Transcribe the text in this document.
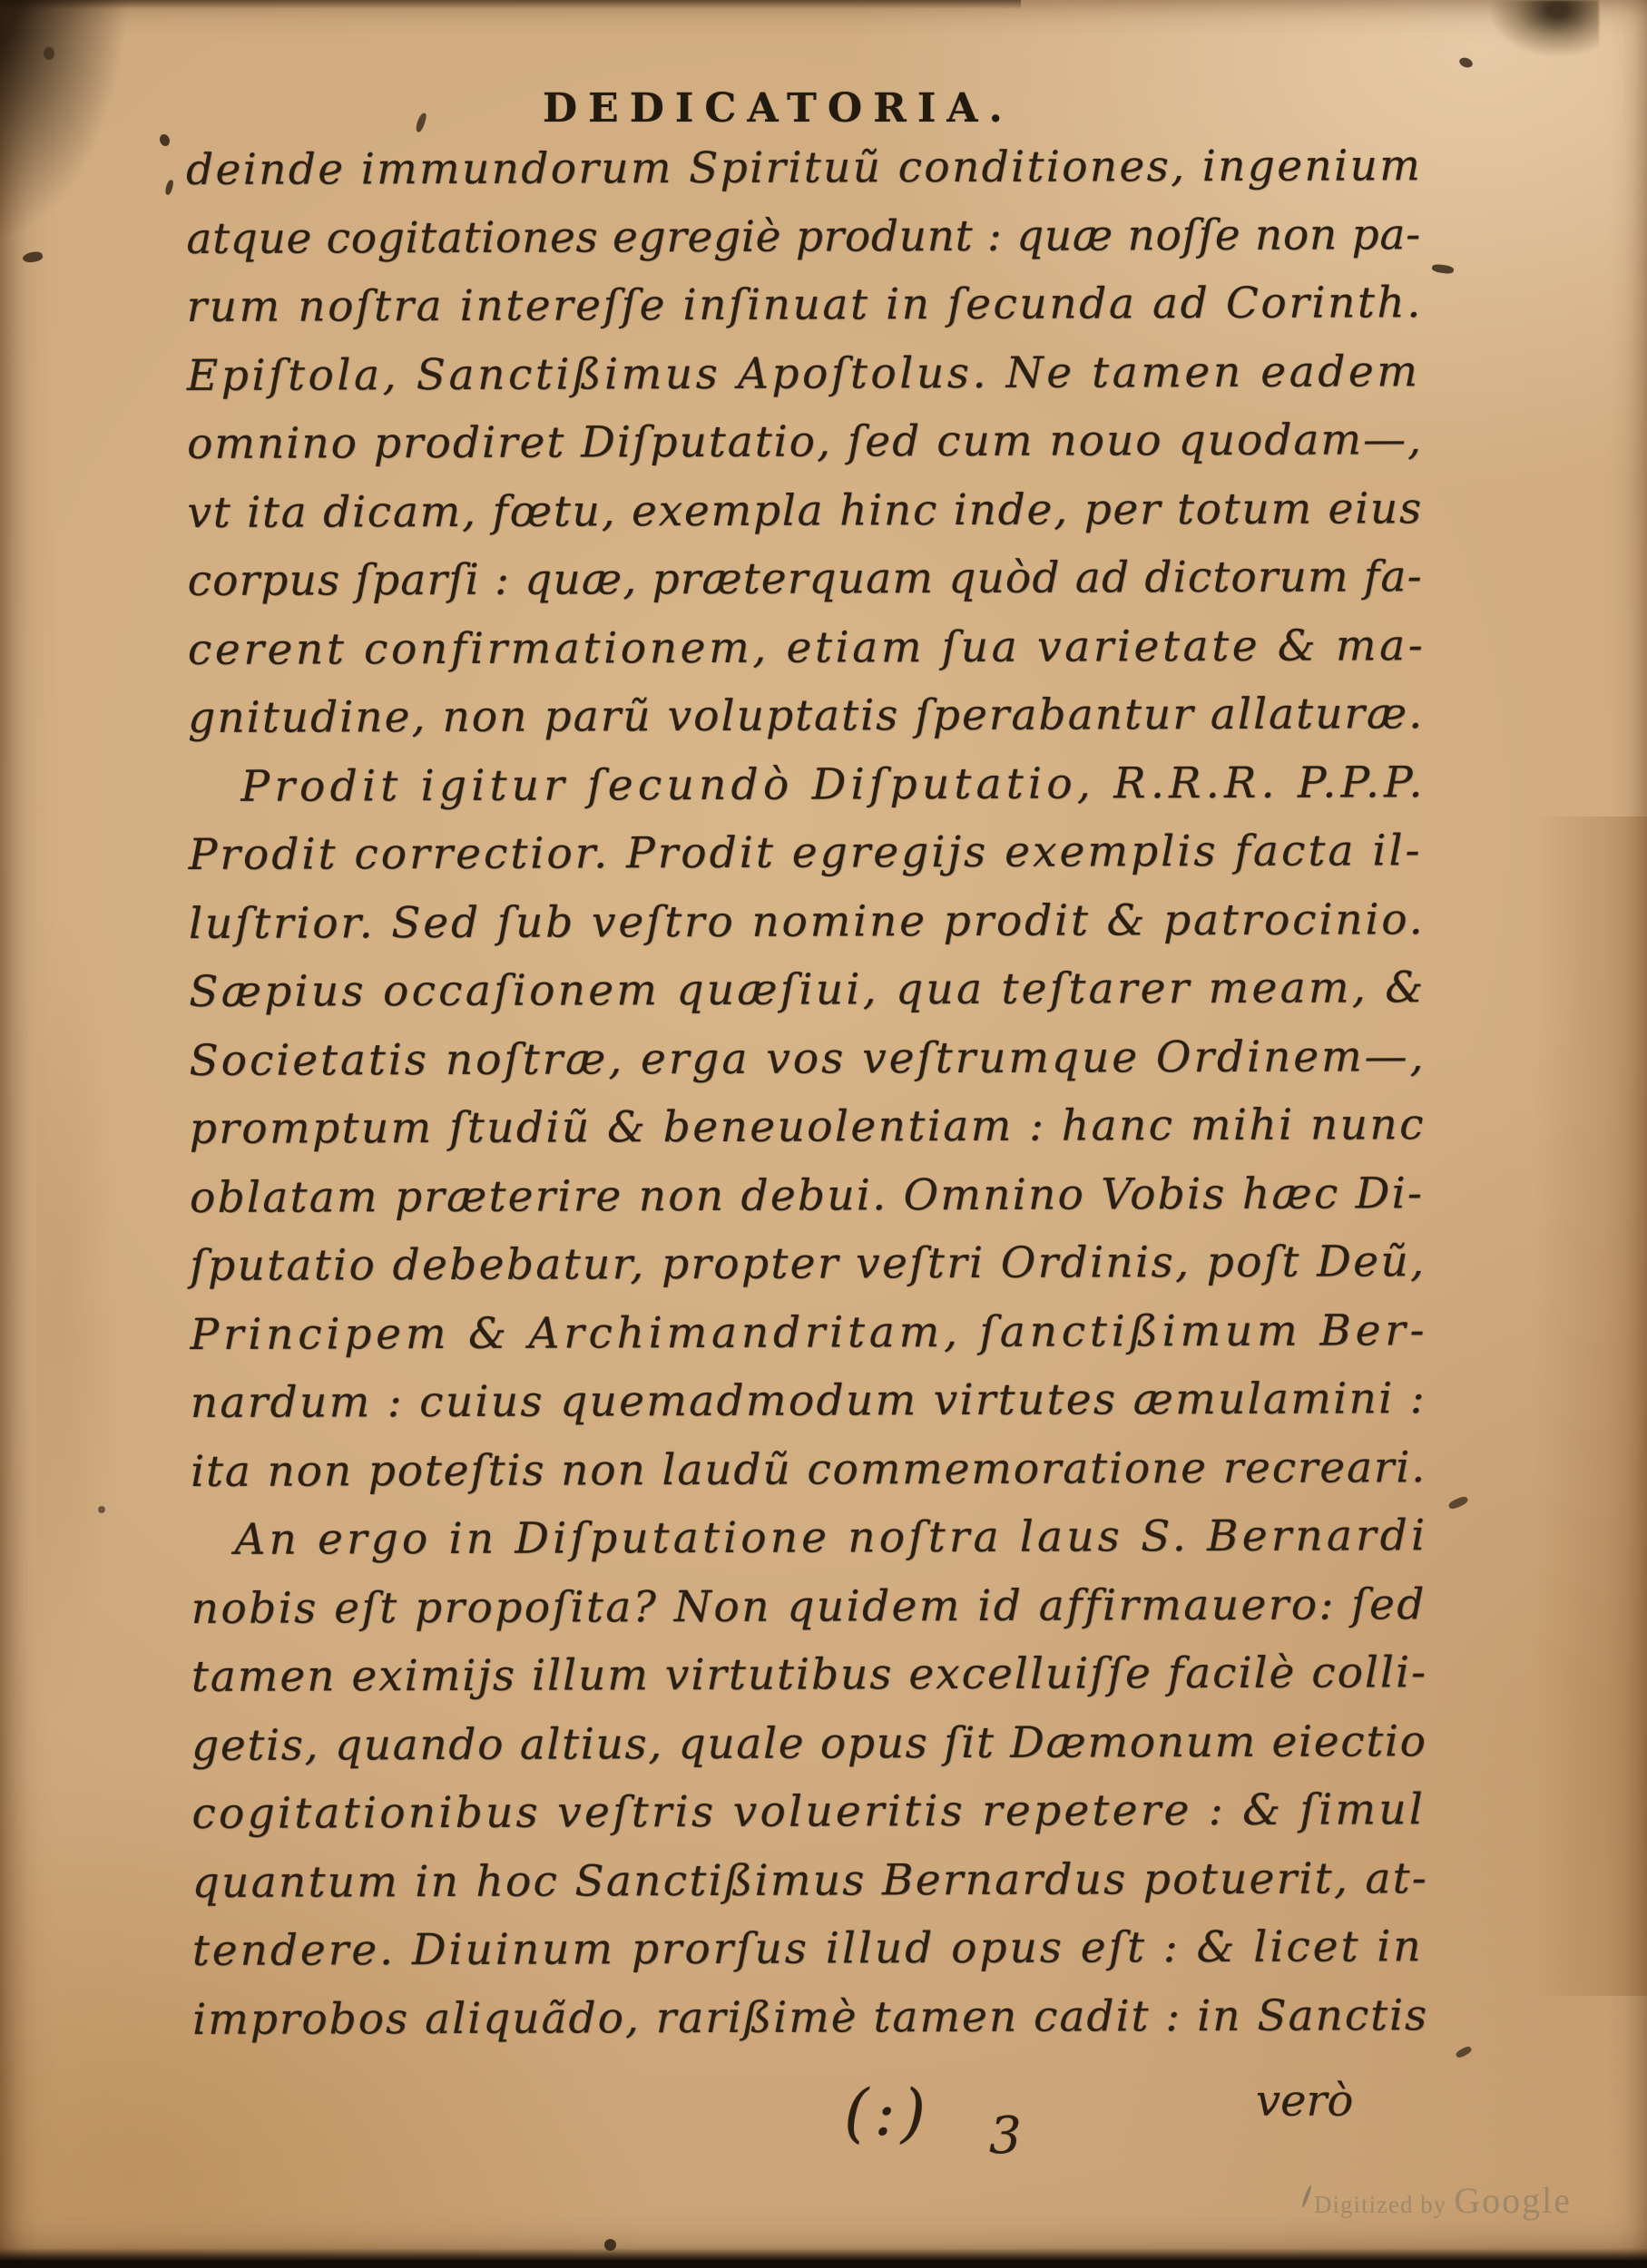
DEDICATORIA.
deinde immundorum Spirituũ conditiones, ingenium
atque cogitationes egregiè produnt : quæ noſſe non pa-
rum noſtra intereſſe inſinuat in ſecunda ad Corinth.
Epiſtola, Sanctißimus Apoſtolus. Ne tamen eadem
omnino prodiret Diſputatio, ſed cum nouo quodam—,
vt ita dicam, fœtu, exempla hinc inde, per totum eius
corpus ſparſi : quæ, præterquam quòd ad dictorum fa-
cerent confirmationem, etiam ſua varietate & ma-
gnitudine, non parũ voluptatis ſperabantur allaturæ.
Prodit igitur ſecundò Diſputatio, R.R.R. P.P.P.
Prodit correctior. Prodit egregijs exemplis facta il-
luſtrior. Sed ſub veſtro nomine prodit & patrocinio.
Sæpius occaſionem quæſiui, qua teſtarer meam, &
Societatis noſtræ, erga vos veſtrumque Ordinem—,
promptum ſtudiũ & beneuolentiam : hanc mihi nunc
oblatam præterire non debui. Omnino Vobis hæc Di-
ſputatio debebatur, propter veſtri Ordinis, poſt Deũ,
Principem & Archimandritam, ſanctißimum Ber-
nardum : cuius quemadmodum virtutes æmulamini :
ita non poteſtis non laudũ commemoratione recreari.
An ergo in Diſputatione noſtra laus S. Bernardi
nobis eſt propoſita? Non quidem id affirmauero: ſed
tamen eximijs illum virtutibus excelluiſſe facilè colli-
getis, quando altius, quale opus ſit Dæmonum eiectio
cogitationibus veſtris volueritis repetere : & ſimul
quantum in hoc Sanctißimus Bernardus potuerit, at-
tendere. Diuinum prorſus illud opus eſt : & licet in
improbos aliquãdo, rarißimè tamen cadit : in Sanctis
(:) 3
verò
Digitized by Google
